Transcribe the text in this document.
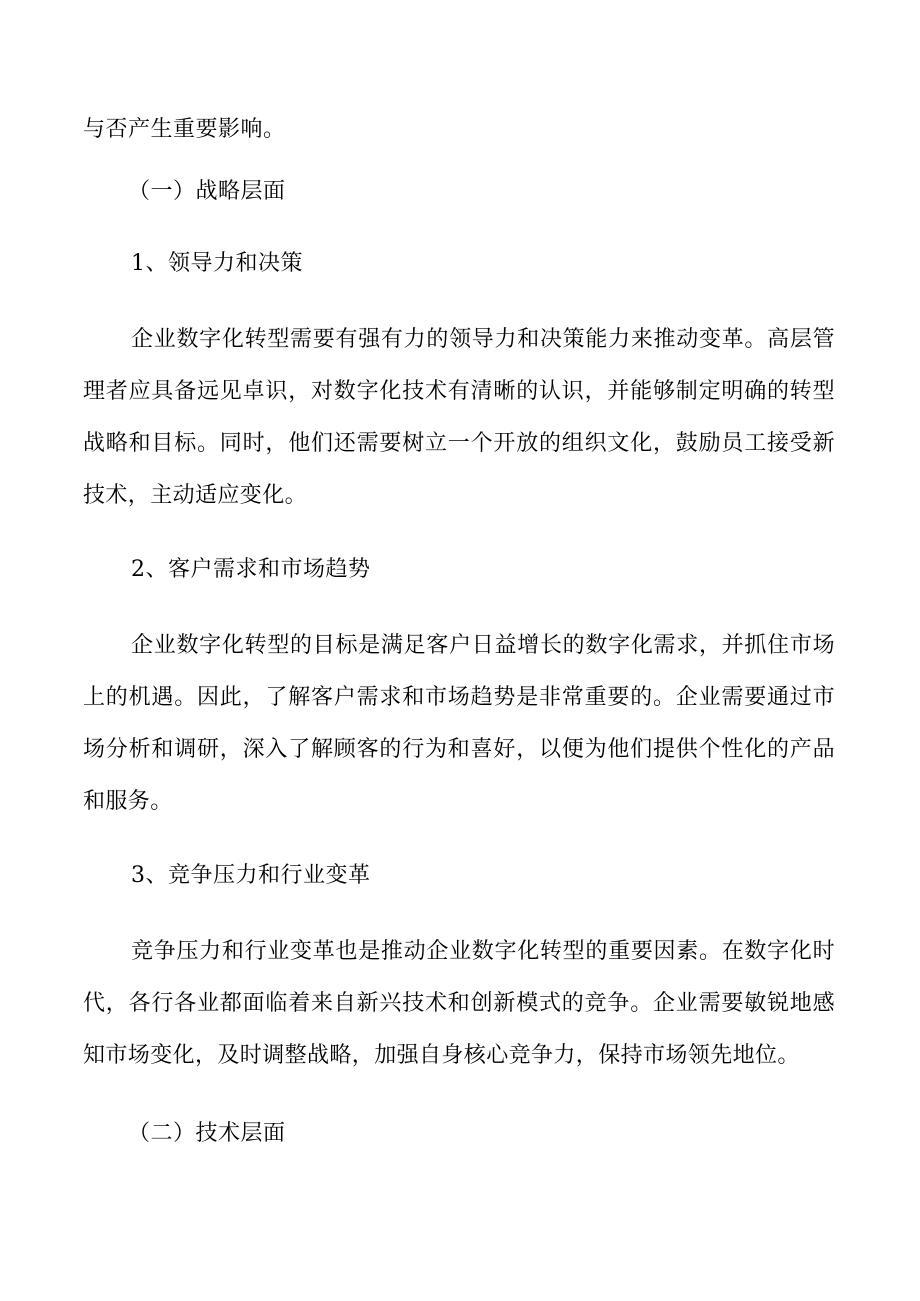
与否产生重要影响。
（一）战略层面
1、领导力和决策
企业数字化转型需要有强有力的领导力和决策能力来推动变革。高层管理者应具备远见卓识，对数字化技术有清晰的认识，并能够制定明确的转型战略和目标。同时，他们还需要树立一个开放的组织文化，鼓励员工接受新技术，主动适应变化。
2、客户需求和市场趋势
企业数字化转型的目标是满足客户日益增长的数字化需求，并抓住市场上的机遇。因此，了解客户需求和市场趋势是非常重要的。企业需要通过市场分析和调研，深入了解顾客的行为和喜好，以便为他们提供个性化的产品和服务。
3、竞争压力和行业变革
竞争压力和行业变革也是推动企业数字化转型的重要因素。在数字化时代，各行各业都面临着来自新兴技术和创新模式的竞争。企业需要敏锐地感知市场变化，及时调整战略，加强自身核心竞争力，保持市场领先地位。
（二）技术层面
